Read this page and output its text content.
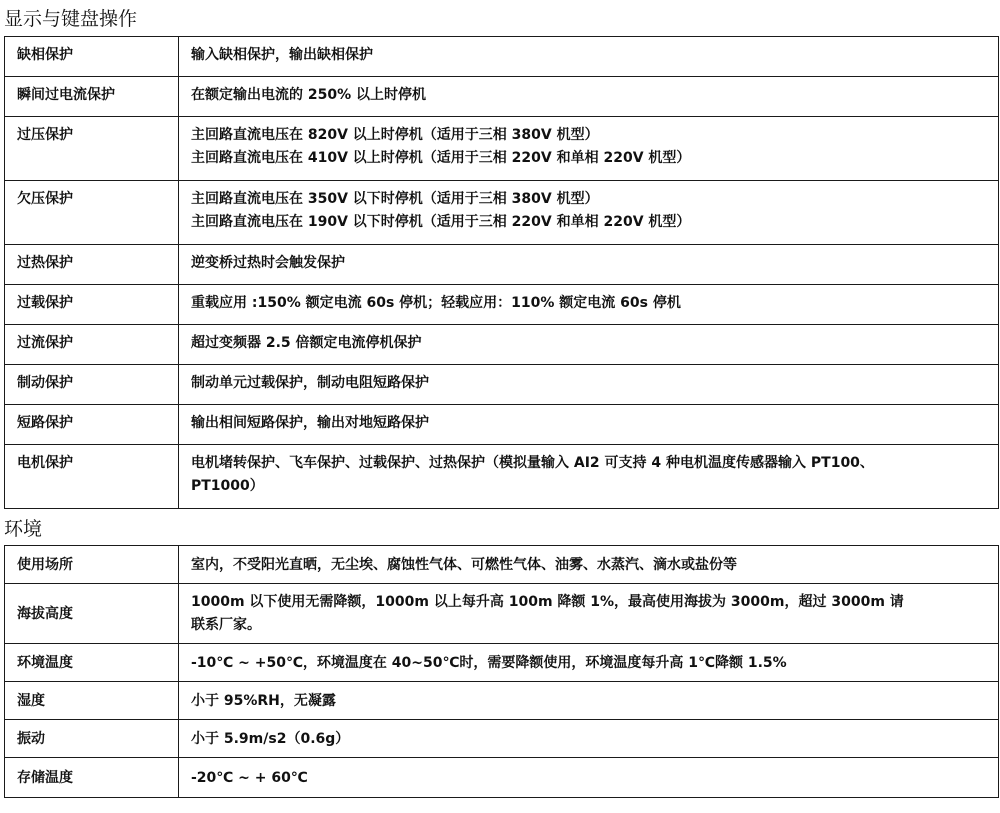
显示与键盘操作
缺相保护	输入缺相保护，输出缺相保护

瞬间过电流保护	在额定输出电流的 250% 以上时停机

过压保护	主回路直流电压在 820V 以上时停机（适用于三相 380V 机型）
主回路直流电压在 410V 以上时停机（适用于三相 220V 和单相 220V 机型）

欠压保护	主回路直流电压在 350V 以下时停机（适用于三相 380V 机型）
主回路直流电压在 190V 以下时停机（适用于三相 220V 和单相 220V 机型）

过热保护	逆变桥过热时会触发保护

过载保护	重载应用 :150% 额定电流 60s 停机；轻载应用：110% 额定电流 60s 停机

过流保护	超过变频器 2.5 倍额定电流停机保护

制动保护	制动单元过载保护，制动电阻短路保护

短路保护	输出相间短路保护，输出对地短路保护

电机保护	电机堵转保护、飞车保护、过载保护、过热保护（模拟量输入 AI2 可支持 4 种电机温度传感器输入 PT100、
PT1000）
环境
使用场所	室内，不受阳光直晒，无尘埃、腐蚀性气体、可燃性气体、油雾、水蒸汽、滴水或盐份等

海拔高度	1000m 以下使用无需降额，1000m 以上每升高 100m 降额 1%，最高使用海拔为 3000m，超过 3000m 请
联系厂家。

环境温度	-10℃ ~ +50℃，环境温度在 40~50℃时，需要降额使用，环境温度每升高 1℃降额 1.5%

湿度	小于 95%RH，无凝露

振动	小于 5.9m/s2（0.6g）

存储温度	-20℃ ~ + 60℃
